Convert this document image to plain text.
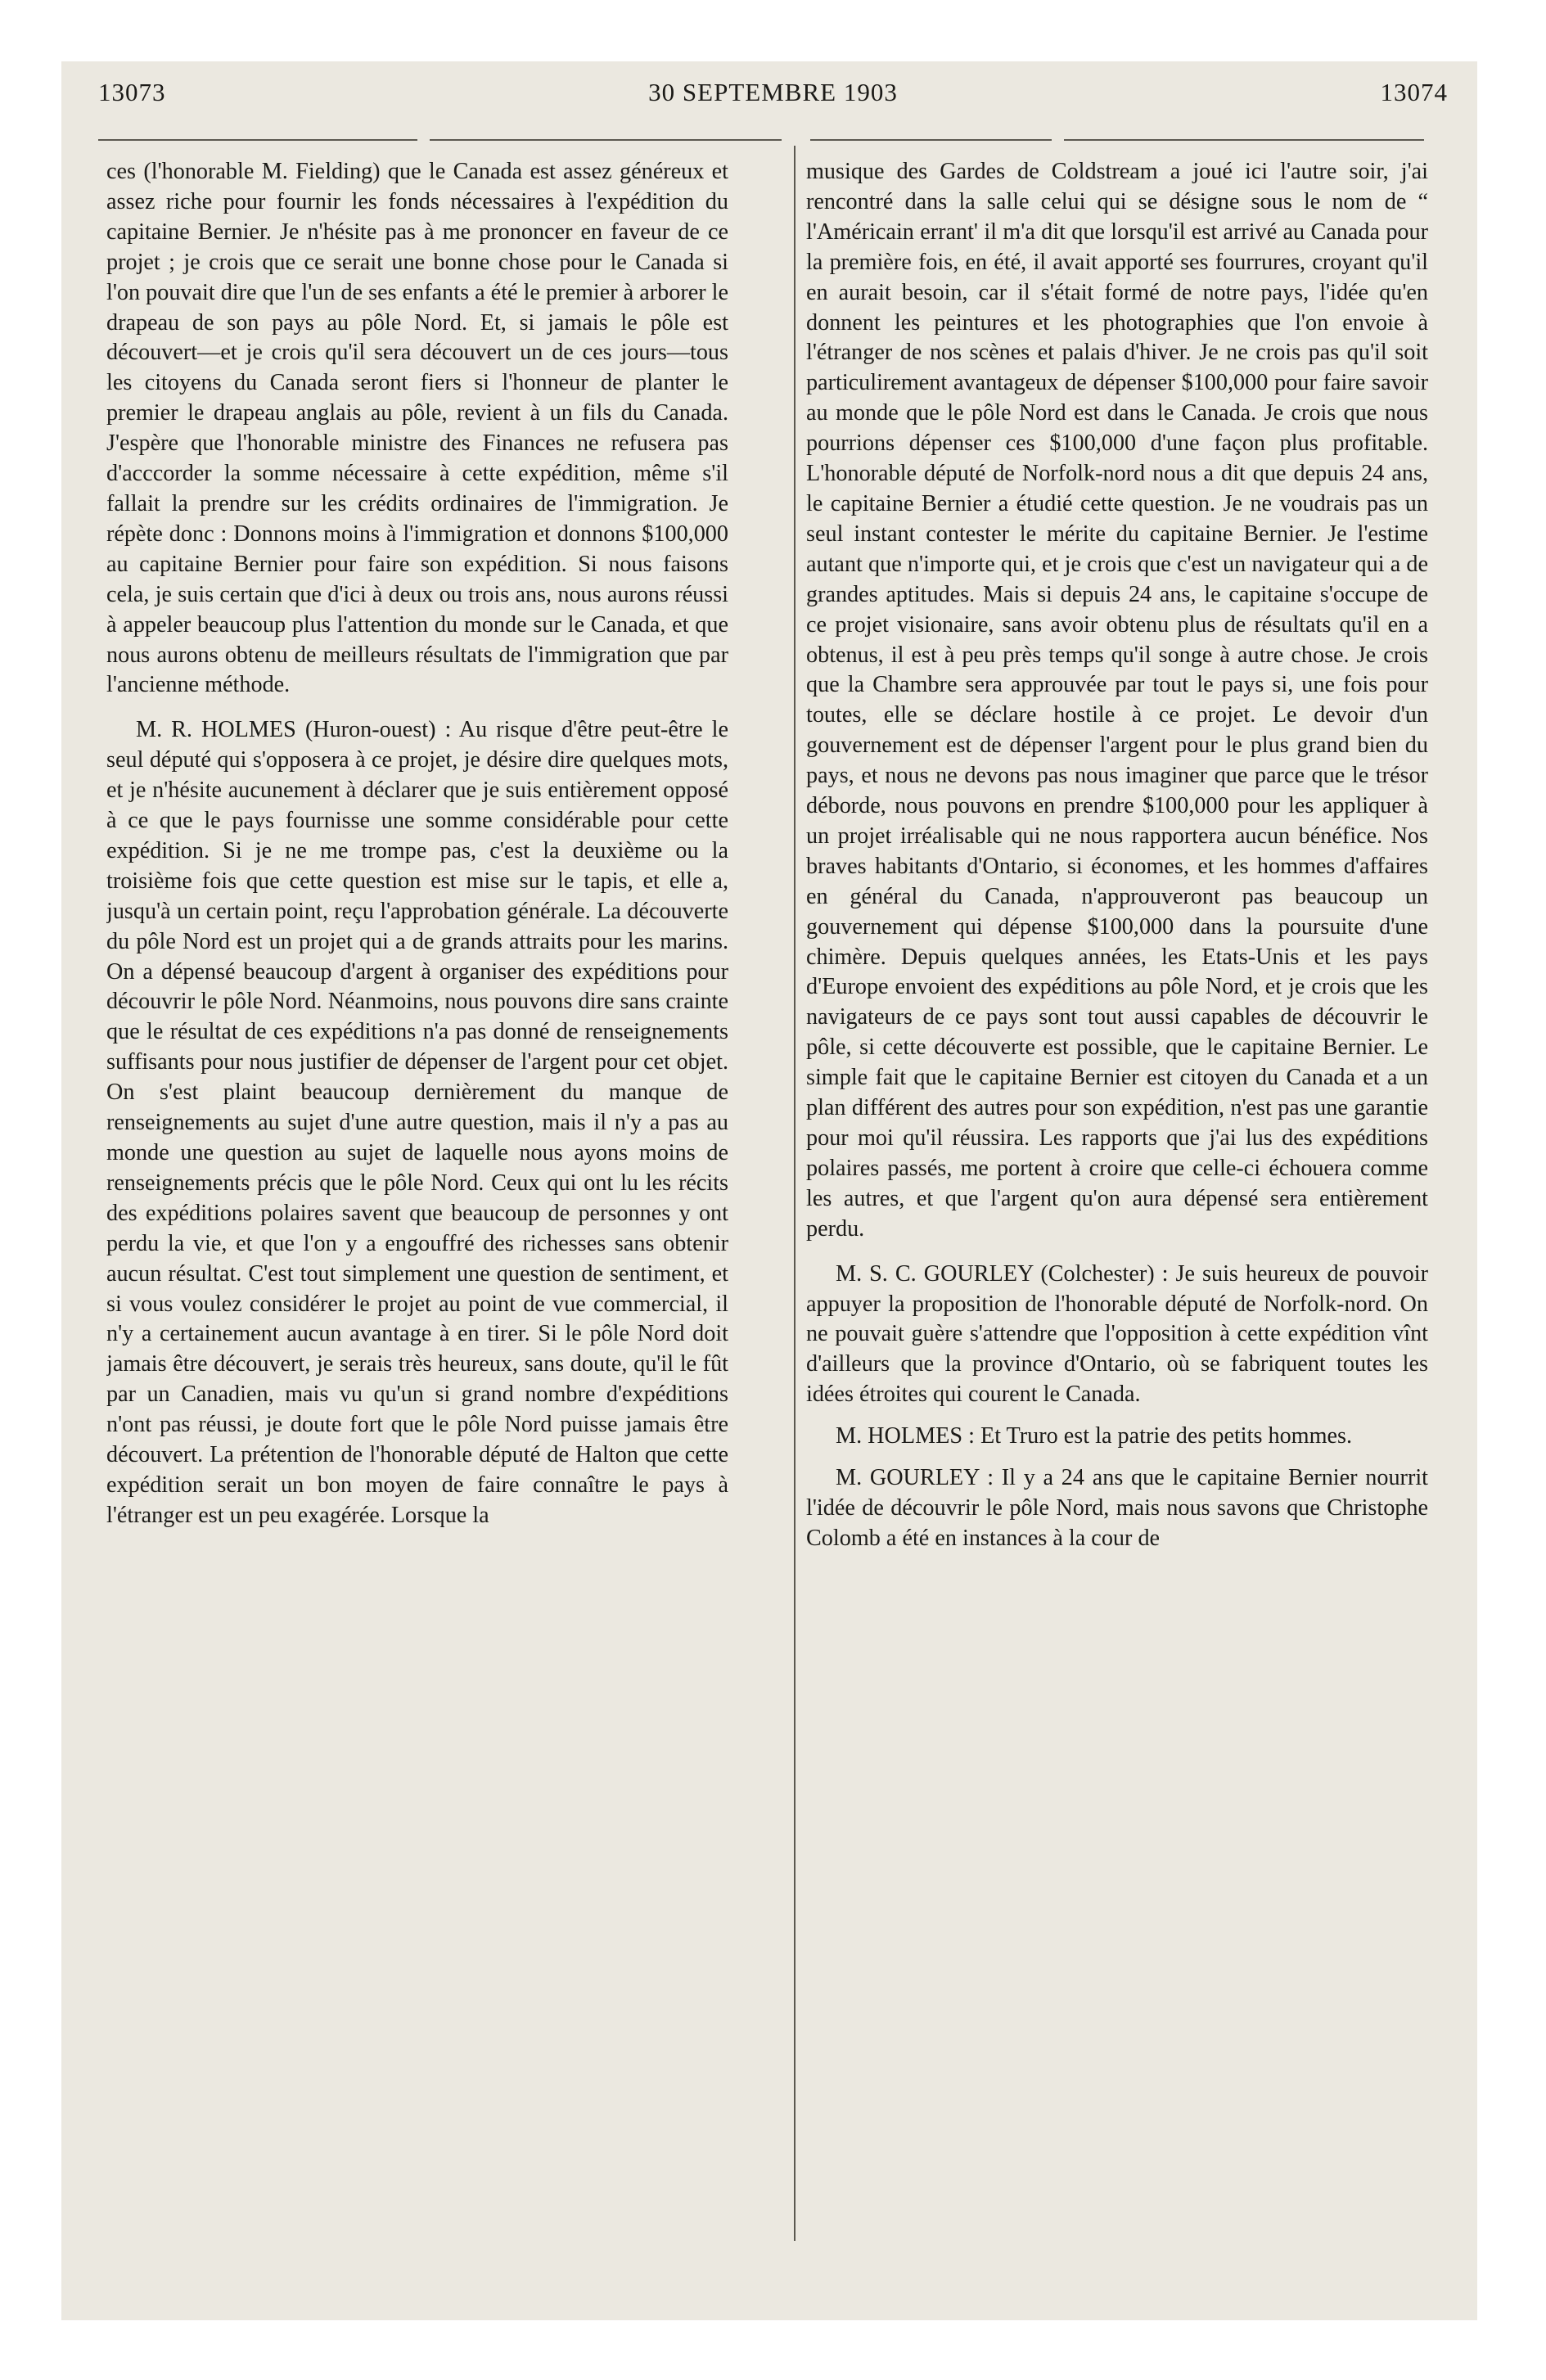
13073	30 SEPTEMBRE 1903	13074

ces (l'honorable M. Fielding) que le Canada est assez généreux et assez riche pour fournir les fonds nécessaires à l'expédition du capitaine Bernier. Je n'hésite pas à me prononcer en faveur de ce projet ; je crois que ce serait une bonne chose pour le Canada si l'on pouvait dire que l'un de ses enfants a été le premier à arborer le drapeau de son pays au pôle Nord. Et, si jamais le pôle est découvert—et je crois qu'il sera découvert un de ces jours—tous les citoyens du Canada seront fiers si l'honneur de planter le premier le drapeau anglais au pôle, revient à un fils du Canada. J'espère que l'honorable ministre des Finances ne refusera pas d'acccorder la somme nécessaire à cette expédition, même s'il fallait la prendre sur les crédits ordinaires de l'immigration. Je répète donc : Donnons moins à l'immigration et donnons $100,000 au capitaine Bernier pour faire son expédition. Si nous faisons cela, je suis certain que d'ici à deux ou trois ans, nous aurons réussi à appeler beaucoup plus l'attention du monde sur le Canada, et que nous aurons obtenu de meilleurs résultats de l'immigration que par l'ancienne méthode.

M. R. HOLMES (Huron-ouest) : Au risque d'être peut-être le seul député qui s'opposera à ce projet, je désire dire quelques mots, et je n'hésite aucunement à déclarer que je suis entièrement opposé à ce que le pays fournisse une somme considérable pour cette expédition. Si je ne me trompe pas, c'est la deuxième ou la troisième fois que cette question est mise sur le tapis, et elle a, jusqu'à un certain point, reçu l'approbation générale. La découverte du pôle Nord est un projet qui a de grands attraits pour les marins. On a dépensé beaucoup d'argent à organiser des expéditions pour découvrir le pôle Nord. Néanmoins, nous pouvons dire sans crainte que le résultat de ces expéditions n'a pas donné de renseignements suffisants pour nous justifier de dépenser de l'argent pour cet objet. On s'est plaint beaucoup dernièrement du manque de renseignements au sujet d'une autre question, mais il n'y a pas au monde une question au sujet de laquelle nous ayons moins de renseignements précis que le pôle Nord. Ceux qui ont lu les récits des expéditions polaires savent que beaucoup de personnes y ont perdu la vie, et que l'on y a engouffré des richesses sans obtenir aucun résultat. C'est tout simplement une question de sentiment, et si vous voulez considérer le projet au point de vue commercial, il n'y a certainement aucun avantage à en tirer. Si le pôle Nord doit jamais être découvert, je serais très heureux, sans doute, qu'il le fût par un Canadien, mais vu qu'un si grand nombre d'expéditions n'ont pas réussi, je doute fort que le pôle Nord puisse jamais être découvert. La prétention de l'honorable député de Halton que cette expédition serait un bon moyen de faire connaître le pays à l'étranger est un peu exagérée. Lorsque la

musique des Gardes de Coldstream a joué ici l'autre soir, j'ai rencontré dans la salle celui qui se désigne sous le nom de “ l'Américain errant' il m'a dit que lorsqu'il est arrivé au Canada pour la première fois, en été, il avait apporté ses fourrures, croyant qu'il en aurait besoin, car il s'était formé de notre pays, l'idée qu'en donnent les peintures et les photographies que l'on envoie à l'étranger de nos scènes et palais d'hiver. Je ne crois pas qu'il soit particulirement avantageux de dépenser $100,000 pour faire savoir au monde que le pôle Nord est dans le Canada. Je crois que nous pourrions dépenser ces $100,000 d'une façon plus profitable. L'honorable député de Norfolk-nord nous a dit que depuis 24 ans, le capitaine Bernier a étudié cette question. Je ne voudrais pas un seul instant contester le mérite du capitaine Bernier. Je l'estime autant que n'importe qui, et je crois que c'est un navigateur qui a de grandes aptitudes. Mais si depuis 24 ans, le capitaine s'occupe de ce projet visionaire, sans avoir obtenu plus de résultats qu'il en a obtenus, il est à peu près temps qu'il songe à autre chose. Je crois que la Chambre sera approuvée par tout le pays si, une fois pour toutes, elle se déclare hostile à ce projet. Le devoir d'un gouvernement est de dépenser l'argent pour le plus grand bien du pays, et nous ne devons pas nous imaginer que parce que le trésor déborde, nous pouvons en prendre $100,000 pour les appliquer à un projet irréalisable qui ne nous rapportera aucun bénéfice. Nos braves habitants d'Ontario, si économes, et les hommes d'affaires en général du Canada, n'approuveront pas beaucoup un gouvernement qui dépense $100,000 dans la poursuite d'une chimère. Depuis quelques années, les Etats-Unis et les pays d'Europe envoient des expéditions au pôle Nord, et je crois que les navigateurs de ce pays sont tout aussi capables de découvrir le pôle, si cette découverte est possible, que le capitaine Bernier. Le simple fait que le capitaine Bernier est citoyen du Canada et a un plan différent des autres pour son expédition, n'est pas une garantie pour moi qu'il réussira. Les rapports que j'ai lus des expéditions polaires passés, me portent à croire que celle-ci échouera comme les autres, et que l'argent qu'on aura dépensé sera entièrement perdu.

M. S. C. GOURLEY (Colchester) : Je suis heureux de pouvoir appuyer la proposition de l'honorable député de Norfolk-nord. On ne pouvait guère s'attendre que l'opposition à cette expédition vînt d'ailleurs que la province d'Ontario, où se fabriquent toutes les idées étroites qui courent le Canada.

M. HOLMES : Et Truro est la patrie des petits hommes.

M. GOURLEY : Il y a 24 ans que le capitaine Bernier nourrit l'idée de découvrir le pôle Nord, mais nous savons que Christophe Colomb a été en instances à la cour de
